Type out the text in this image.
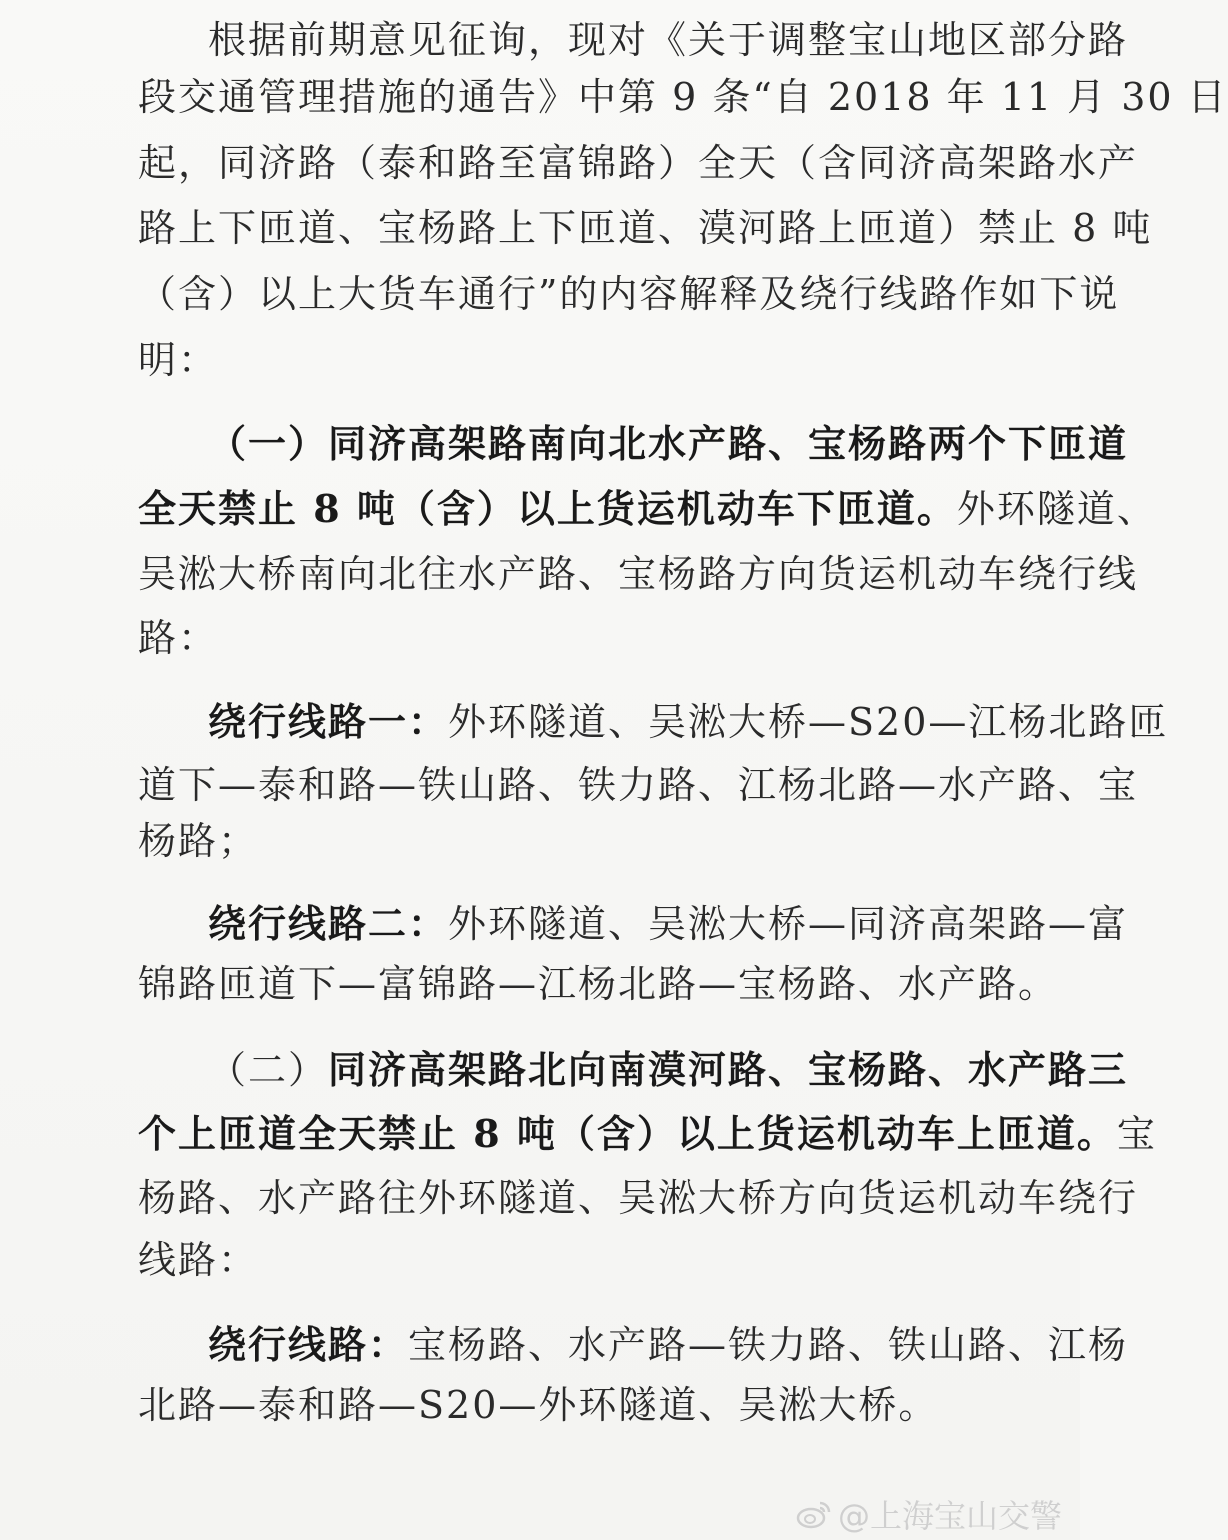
根据前期意见征询，现对《关于调整宝山地区部分路
段交通管理措施的通告》中第 9 条“自 2018 年 11 月 30 日
起，同济路（泰和路至富锦路）全天（含同济高架路水产
路上下匝道、宝杨路上下匝道、漠河路上匝道）禁止 8 吨
（含）以上大货车通行”的内容解释及绕行线路作如下说
明：
（一）同济高架路南向北水产路、宝杨路两个下匝道
全天禁止 8 吨（含）以上货运机动车下匝道。外环隧道、
吴淞大桥南向北往水产路、宝杨路方向货运机动车绕行线
路：
绕行线路一：外环隧道、吴淞大桥—S20—江杨北路匝
道下—泰和路—铁山路、铁力路、江杨北路—水产路、宝
杨路；
绕行线路二：外环隧道、吴淞大桥—同济高架路—富
锦路匝道下—富锦路—江杨北路—宝杨路、水产路。
（二）同济高架路北向南漠河路、宝杨路、水产路三
个上匝道全天禁止 8 吨（含）以上货运机动车上匝道。宝
杨路、水产路往外环隧道、吴淞大桥方向货运机动车绕行
线路：
绕行线路：宝杨路、水产路—铁力路、铁山路、江杨
北路—泰和路—S20—外环隧道、吴淞大桥。
@上海宝山交警
